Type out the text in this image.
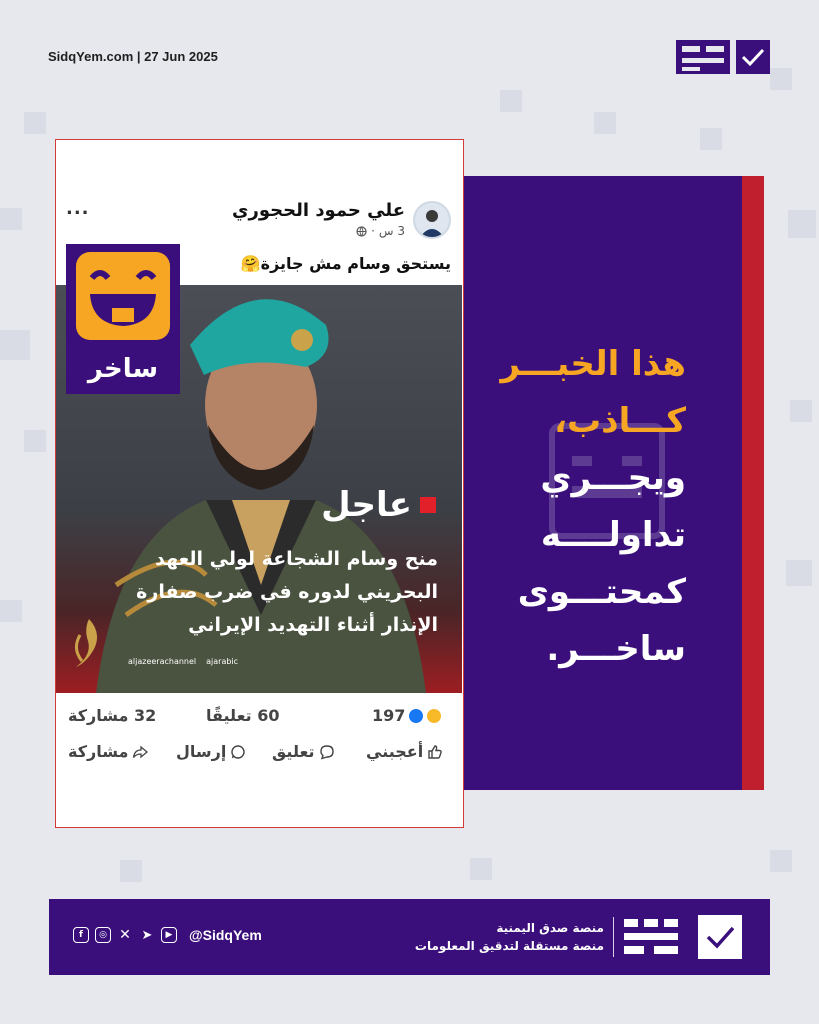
SidqYem.com | 27 Jun 2025
هذا الخبـــر
كـــاذب،
ويجـــري
تداولــــه
كمحتـــوى
ساخـــر.
علي حمود الحجوري
3 س
·
...
يستحق وسام مش جايزة🤗
ساخر
عاجل
منح وسام الشجاعة لولي العهد البحريني لدوره في ضرب صفارة الإنذار أثناء التهديد الإيراني
aljazeerachannel ajarabic
197
60 تعليقًا
32 مشاركة
أعجبني
تعليق
إرسال
مشاركة
منصة صدق اليمنية
منصة مستقلة لتدقيق المعلومات
f	◎ ✕ ➤	▶	@SidqYem
